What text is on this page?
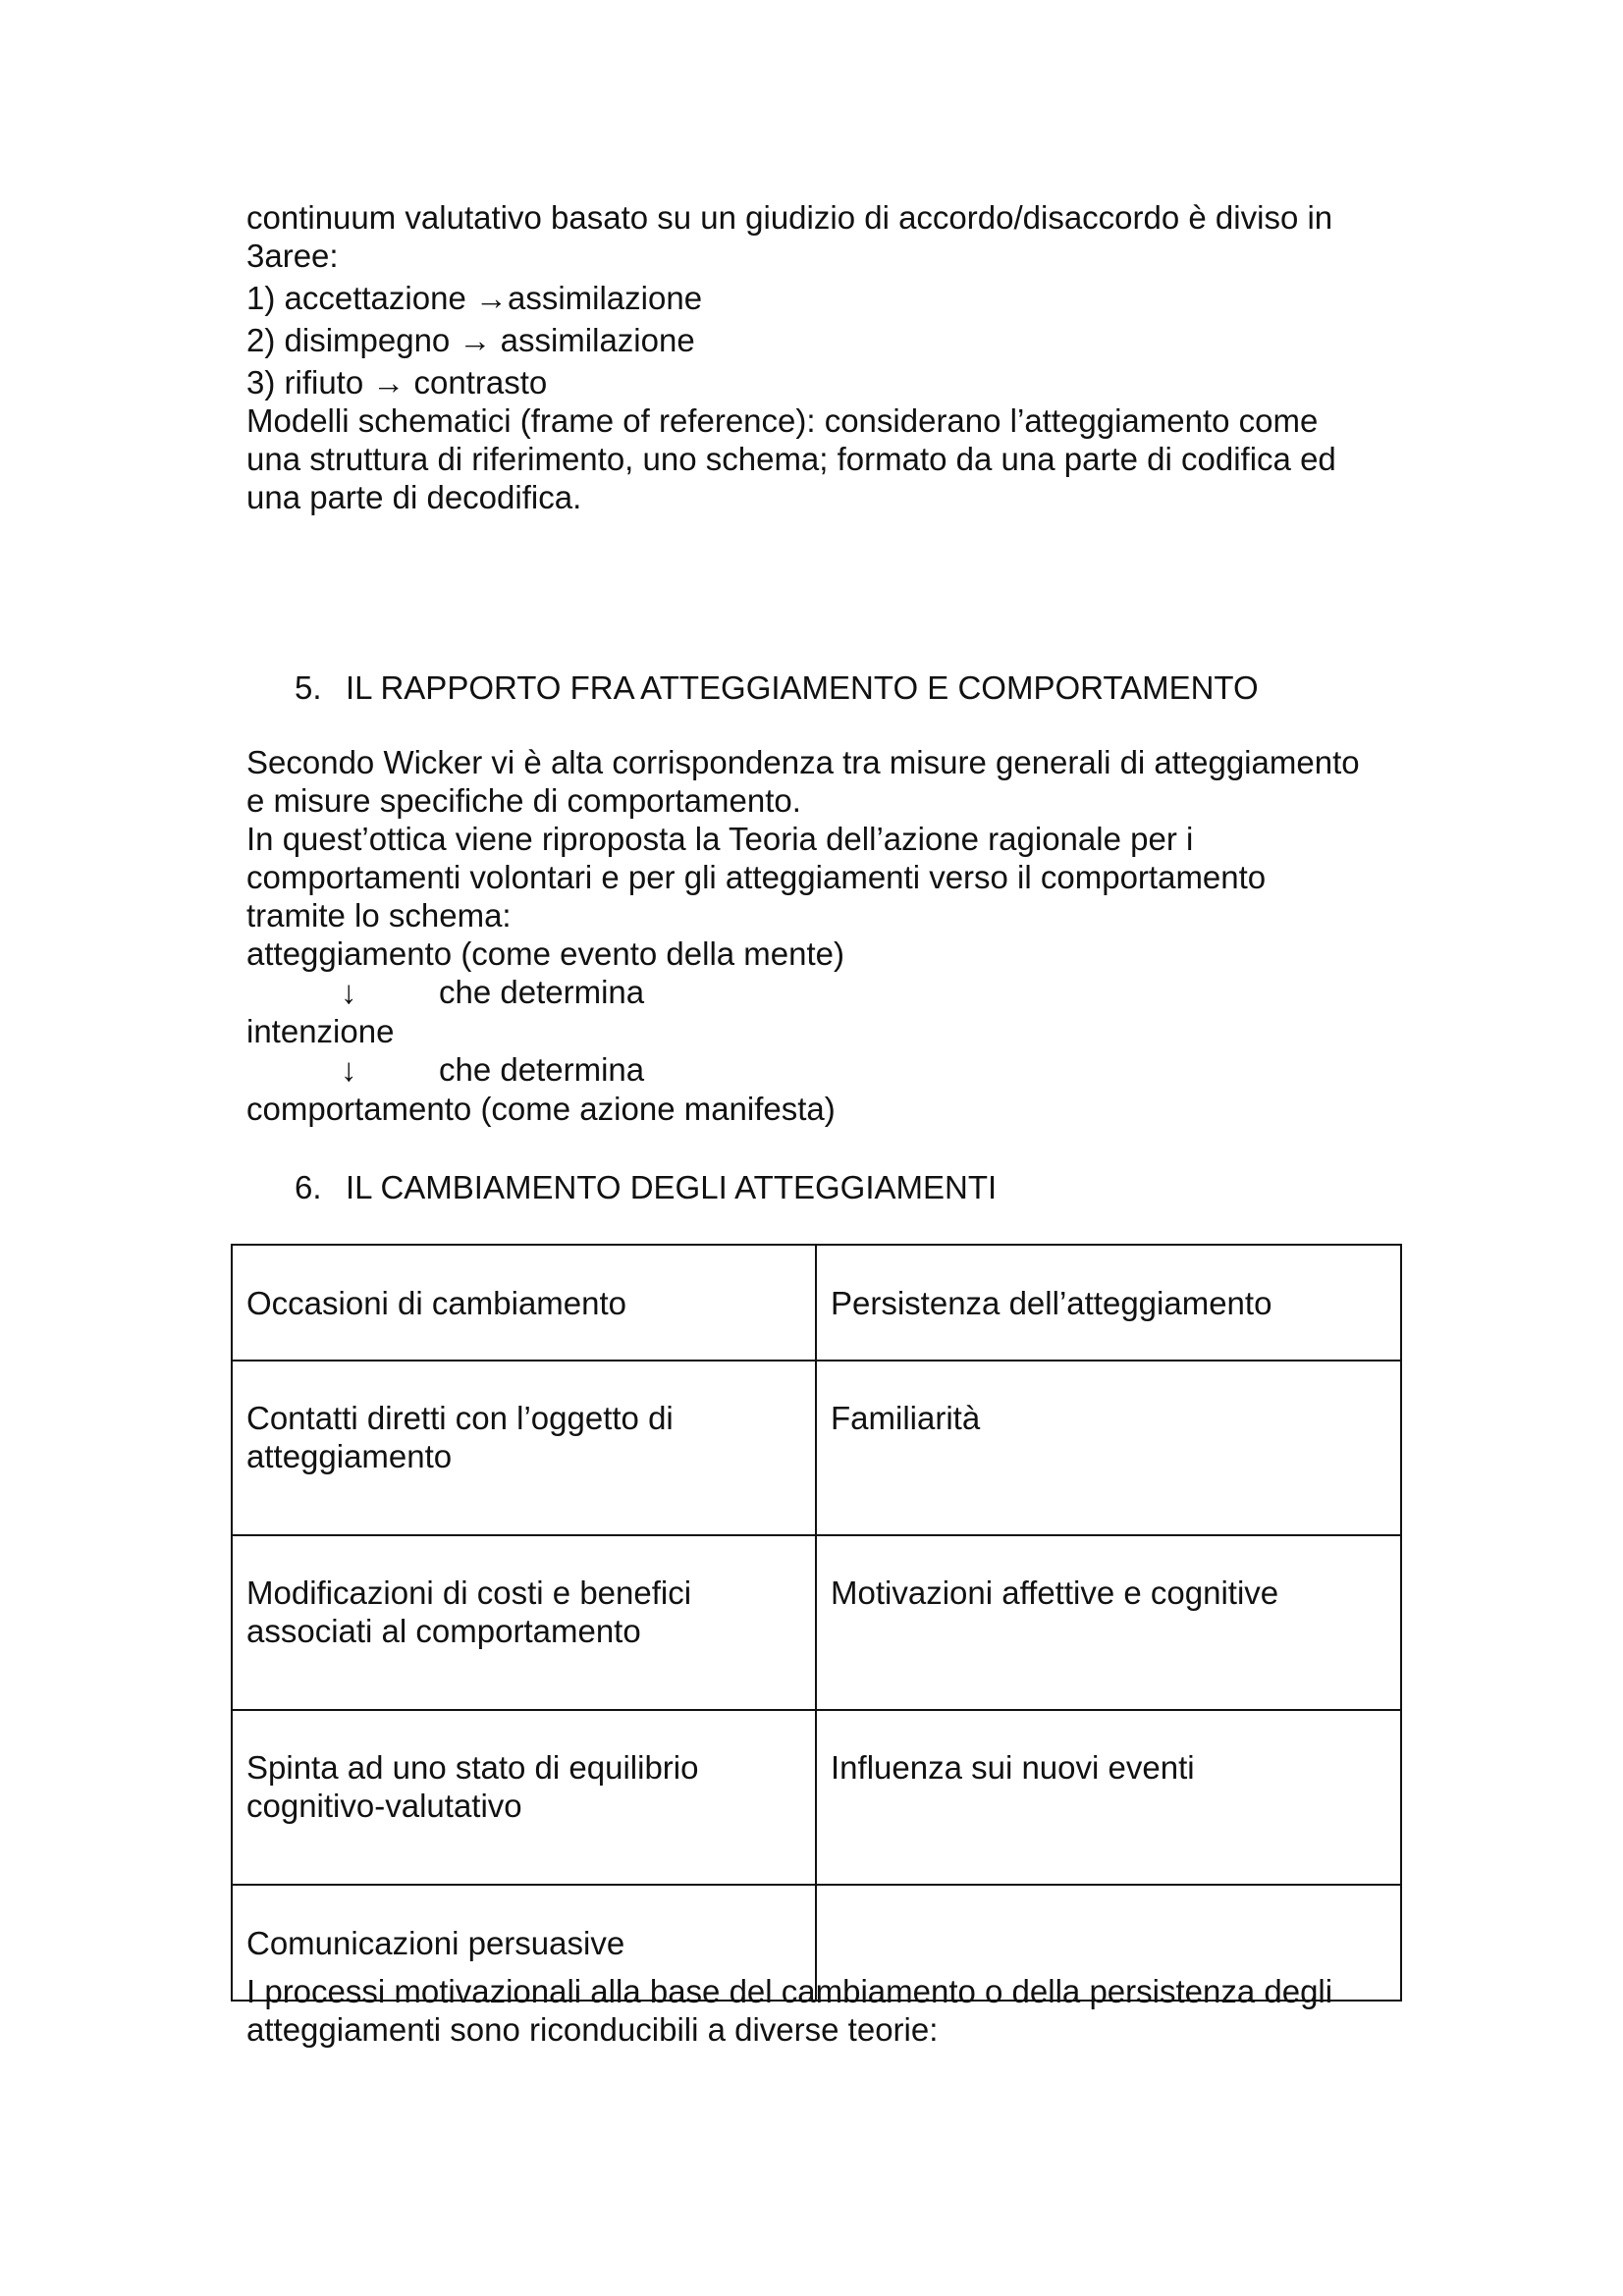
continuum valutativo basato su un giudizio di accordo/disaccordo è diviso in
3aree:
1) accettazione →assimilazione
2) disimpegno → assimilazione
3) rifiuto → contrasto
Modelli schematici (frame of reference): considerano l’atteggiamento come
una struttura di riferimento, uno schema; formato da una parte di codifica ed
una parte di decodifica.
5. IL RAPPORTO FRA ATTEGGIAMENTO E COMPORTAMENTO
Secondo Wicker vi è alta corrispondenza tra misure generali di atteggiamento
e misure specifiche di comportamento.
In quest’ottica viene riproposta la Teoria dell’azione ragionale per i
comportamenti volontari e per gli atteggiamenti verso il comportamento
tramite lo schema:
atteggiamento (come evento della mente)
↓	che determina
intenzione
↓	che determina
comportamento (come azione manifesta)
6. IL CAMBIAMENTO DEGLI ATTEGGIAMENTI
Occasioni di cambiamento	Persistenza dell’atteggiamento

Contatti diretti con l’oggetto di
atteggiamento	Familiarità

Modificazioni di costi e benefici
associati al comportamento	Motivazioni affettive e cognitive

Spinta ad uno stato di equilibrio
cognitivo-valutativo	Influenza sui nuovi eventi

Comunicazioni persuasive	

I processi motivazionali alla base del cambiamento o della persistenza degli
atteggiamenti sono riconducibili a diverse teorie:
